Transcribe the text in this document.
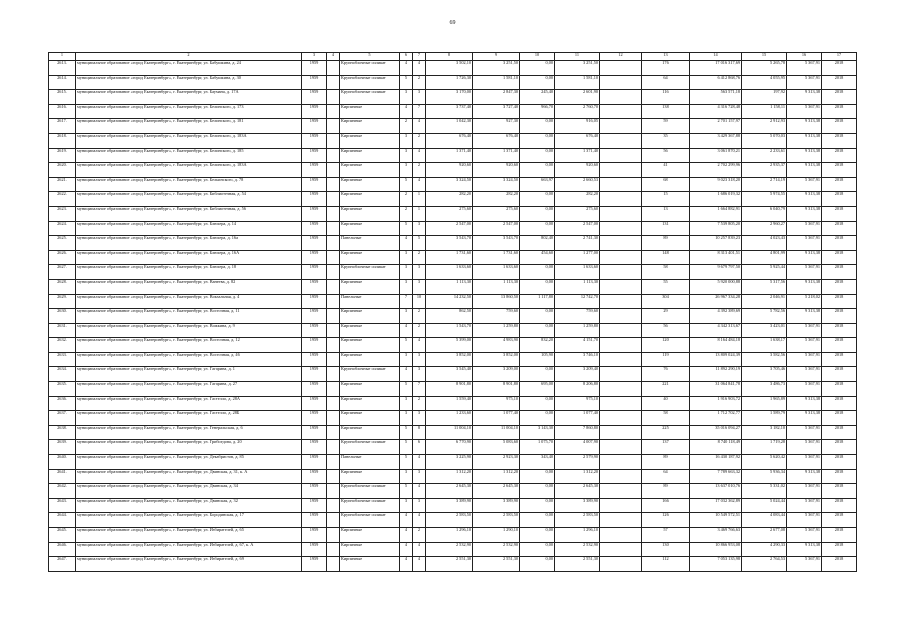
69
1	2	3	4	5	6	7	8	9	10	11	12	13	14	15	16	17
2613.	муниципальное образование «город Екатеринбург», г. Екатеринбург, ул. Бабушкина, д. 24	1959		Крупноблочные силикат	4	4	3 502,10	3 251,50	0,00	3 251,50		176	17 016 317,69	5 265,78	5 367,91	2018
2614.	муниципальное образование «город Екатеринбург», г. Екатеринбург, ул. Бабушкина, д. 30	1959		Крупноблочные силикат	5	2	1 726,30	1 581,10	0,00	1 581,10		64	6 412 868,76	4 055,95	5 367,91	2018
2615.	муниципальное образование «город Екатеринбург», г. Екатеринбург, ул. Баумана, д. 17А	1959		Крупноблочные силикат	3	3	3 170,00	2 847,30	245,40	2 601,90		116	563 571,18	197,92	9 313,38	2018
2616.	муниципальное образование «город Екатеринбург», г. Екатеринбург, ул. Белинского, д. 173	1959		Кирпичные	4	7	3 737,40	3 727,40	966,70	2 760,70		138	4 316 728,48	1 158,11	5 367,91	2018
2617.	муниципальное образование «город Екатеринбург», г. Екатеринбург, ул. Белинского, д. 181	1959		Кирпичные	2	4	1 042,30	927,30	0,00	916,05		59	2 701 157,97	2 912,93	9 313,38	2018
2618.	муниципальное образование «город Екатеринбург», г. Екатеринбург, ул. Белинского, д. 183А	1959		Кирпичные	3	2	676,40	676,40	0,00	676,40		35	3 429 367,88	5 070,03	9 313,38	2018
2619.	муниципальное образование «город Екатеринбург», г. Екатеринбург, ул. Белинского, д. 185	1959		Кирпичные	3	4	1 371,40	1 371,40	0,00	1 371,40		56	3 061 870,21	2 233,61	9 313,38	2018
2620.	муниципальное образование «город Екатеринбург», г. Екатеринбург, ул. Белинского, д. 183А	1959		Кирпичные	3	2	920,60	920,60	0,00	920,60		41	2 702 299,96	2 935,37	9 313,38	2018
2621.	муниципальное образование «город Екатеринбург», г. Екатеринбург, ул. Бельинского, д. 78	1959		Кирпичные	5	4	3 324,50	3 324,50	663,97	2 660,53		68	9 023 318,20	2 714,19	5 367,91	2018
2622.	муниципальное образование «город Екатеринбург», г. Екатеринбург, ул. Библиотечная, д. 54	1959		Кирпичные	2	1	282,20	282,20	0,00	282,20		15	1 686 019,32	5 974,55	9 313,38	2018
2623.	муниципальное образование «город Екатеринбург», г. Екатеринбург, ул. Библиотечная, д. 56	1959		Кирпичные	2	1	275,60	275,60	0,00	275,60		13	1 664 882,91	6 040,79	9 313,38	2018
2624.	муниципальное образование «город Екатеринбург», г. Екатеринбург, ул. Блюхера, д. 14	1959		Кирпичные	5	3	2 547,00	2 547,00	0,00	2 547,00		131	7 539 805,20	2 960,27	5 367,91	2018
2625.	муниципальное образование «город Екатеринбург», г. Екатеринбург, ул. Блюхера, д. 16а	1959		Панельные	4	5	3 543,70	3 543,70	802,40	2 741,30		89	10 257 839,23	4 023,43	5 367,91	2018
2626.	муниципальное образование «город Екатеринбург», г. Екатеринбург, ул. Блюхера, д. 16А	1959		Кирпичные	3	2	1 731,60	1 731,60	454,60	1 277,00		148	8 313 401,51	4 801,99	9 313,38	2018
2627.	муниципальное образование «город Екатеринбург», г. Екатеринбург, ул. Блюхера, д. 18	1959		Крупноблочные силикат	3	3	1 633,60	1 633,60	0,00	1 633,60		58	9 679 797,50	5 925,44	5 367,91	2018
2628.	муниципальное образование «город Екатеринбург», г. Екатеринбург, ул. Ванеева, д. 82	1959		Кирпичные	3	3	1 113,30	1 113,30	0,00	1 113,30		55	5 920 000,88	5 317,56	9 313,38	2018
2629.	муниципальное образование «город Екатеринбург», г. Екатеринбург, ул. Вокзальная, д. 4	1959		Панельные	7	10	14 232,50	13 860,50	1 117,80	12 742,70		304	26 967 334,28	2 046,91	5 218,02	2018
2630.	муниципальное образование «город Екатеринбург», г. Екатеринбург, ул. Восточная, д. 11	1959		Кирпичные	3	2	862,50	759,60	0,00	759,60		29	4 392 389,69	5 782,56	9 313,38	2018
2631.	муниципальное образование «город Екатеринбург», г. Екатеринбург, ул. Вожкина, д. 9	1959		Кирпичные	4	2	1 543,70	1 259,80	0,00	1 259,80		56	4 342 313,67	3 423,01	5 367,91	2018
2632.	муниципальное образование «город Екатеринбург», г. Екатеринбург, ул. Восточная, д. 12	1959		Кирпичные	5	4	5 399,00	4 983,90	832,20	4 151,70		120	8 164 484,18	1 638,17	5 367,91	2018
2633.	муниципальное образование «город Екатеринбург», г. Екатеринбург, ул. Восточная, д. 46	1959		Кирпичные	3	3	3 852,00	3 852,00	105,90	3 746,10		119	13 809 024,39	3 582,56	5 367,91	2018
2634.	муниципальное образование «город Екатеринбург», г. Екатеринбург, ул. Гагарина, д. 1	1959		Крупноблочные силикат	4	3	3 545,40	3 209,00	0,00	3 209,40		76	11 892 290,19	3 705,46	5 367,91	2018
2635.	муниципальное образование «город Екатеринбург», г. Екатеринбург, ул. Гагарина, д. 27	1959		Кирпичные	5	7	8 901,80	8 901,80	695,00	8 206,80		221	31 064 841,78	3 486,73	5 367,91	2018
2636.	муниципальное образование «город Екатеринбург», г. Екатеринбург, ул. Гастелло, д. 28А	1959		Кирпичные	3	2	1 559,40	975,10	0,00	975,10		40	1 916 903,72	1 965,89	9 313,38	2018
2637.	муниципальное образование «город Екатеринбург», г. Екатеринбург, ул. Гастелло, д. 28Б	1959		Кирпичные	3	3	1 233,60	1 077,40	0,00	1 077,40		58	1 712 702,77	1 589,79	9 313,38	2018
2638.	муниципальное образование «город Екатеринбург», г. Екатеринбург, ул. Генеральская, д. 6	1959		Кирпичные	5	8	11 004,10	11 004,10	3 143,30	7 860,80		225	35 016 094,27	3 182,10	5 367,91	2018
2639.	муниципальное образование «город Екатеринбург», г. Екатеринбург, ул. Грибоедова, д. 20	1959		Крупноблочные силикат	5	6	6 770,90	5 083,60	1 075,70	4 007,90		137	8 740 118,49	1 719,28	5 367,91	2018
2640.	муниципальное образование «город Екатеринбург», г. Екатеринбург, ул. Декабристов, д. 85	1959		Панельные	5	4	3 225,90	2 923,30	343,40	2 579,90		89	16 430 187,92	5 620,42	5 367,91	2018
2641.	муниципальное образование «город Екатеринбург», г. Екатеринбург, ул. Двинская, д. 31, к. А	1959		Кирпичные	3	3	1 312,20	1 312,20	0,00	1 312,20		64	7 789 663,32	5 936,34	9 313,38	2018
2642.	муниципальное образование «город Екатеринбург», г. Екатеринбург, ул. Двинская, д. 34	1959		Крупноблочные силикат	5	4	2 645,30	2 645,30	0,00	2 645,30		89	13 637 010,76	5 331,02	5 367,91	2018
2643.	муниципальное образование «город Екатеринбург», г. Екатеринбург, ул. Двинская, д. 32	1959		Крупноблочные силикат	3	3	3 389,90	3 389,90	0,00	3 389,90		166	17 032 362,89	5 024,44	5 367,91	2018
2644.	муниципальное образование «город Екатеринбург», г. Екатеринбург, ул. Бородинская, д. 17	1959		Крупноблочные силикат	4	4	2 583,50	2 583,50	0,00	2 583,50		126	10 549 572,51	4 083,44	5 367,91	2018
2645.	муниципальное образование «город Екатеринбург», г. Екатеринбург, ул. Избирателей, д. 65	1959		Кирпичные	4	2	1 296,10	1 290,10	0,00	1 296,10		57	3 469 766,63	2 677,08	5 367,91	2018
2646.	муниципальное образование «город Екатеринбург», г. Екатеринбург, ул. Избирателей, д. 67, к. А	1959		Кирпичные	4	4	2 532,90	2 532,90	0,00	2 532,90		130	10 866 953,08	4 290,33	9 313,38	2018
2647.	муниципальное образование «город Екатеринбург», г. Екатеринбург, ул. Избирателей, д. 69	1959		Кирпичные	4	4	2 551,30	2 551,30	0,00	2 551,30		112	7 053 135,98	2 764,53	5 367,91	2018
